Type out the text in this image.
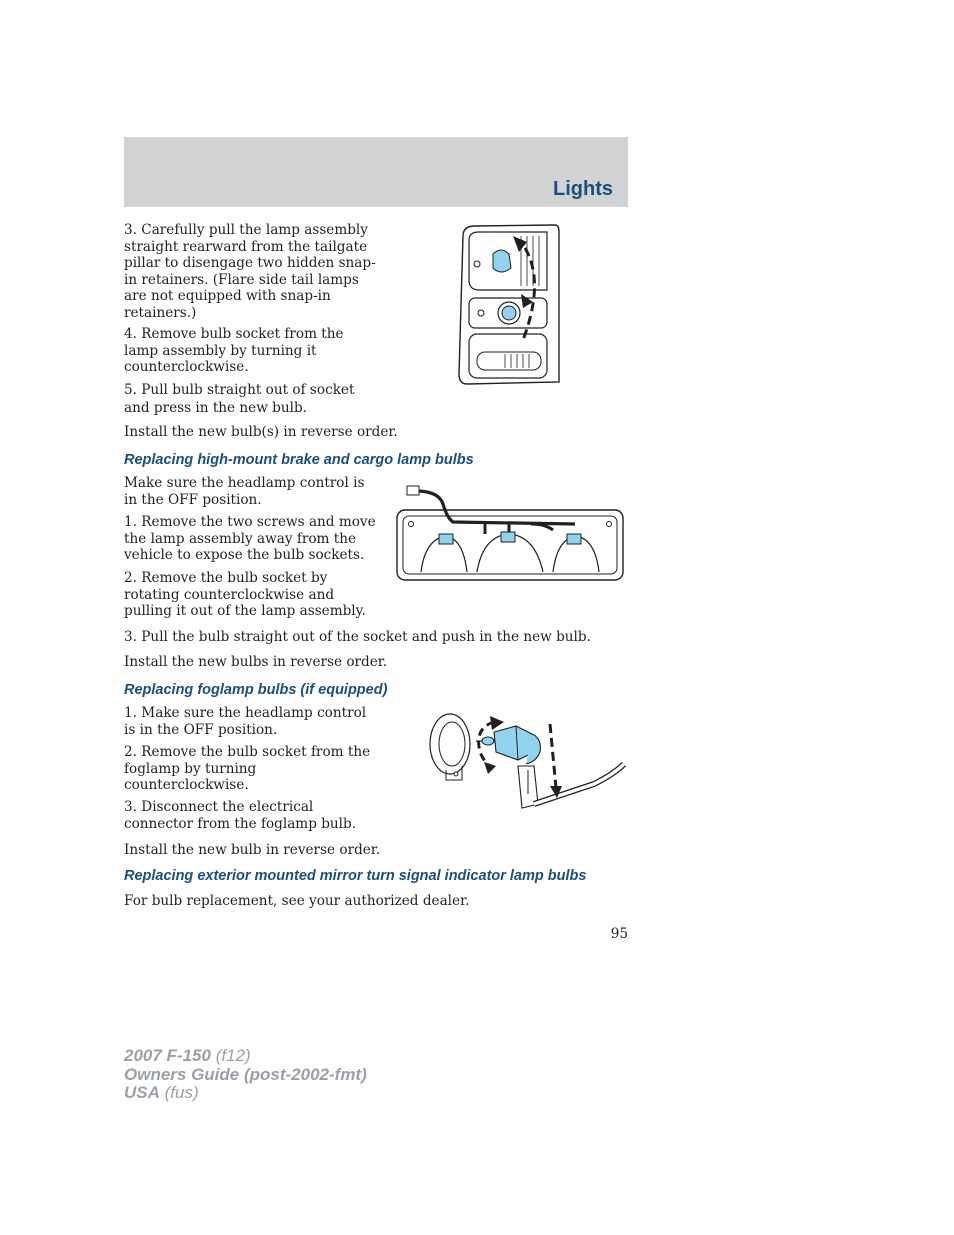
Lights

3. Carefully pull the lamp assembly straight rearward from the tailgate pillar to disengage two hidden snap-in retainers. (Flare side tail lamps are not equipped with snap-in retainers.)

4. Remove bulb socket from the lamp assembly by turning it counterclockwise.

5. Pull bulb straight out of socket and press in the new bulb.

Install the new bulb(s) in reverse order.

Replacing high-mount brake and cargo lamp bulbs

Make sure the headlamp control is in the OFF position.

1. Remove the two screws and move the lamp assembly away from the vehicle to expose the bulb sockets.

2. Remove the bulb socket by rotating counterclockwise and pulling it out of the lamp assembly.

3. Pull the bulb straight out of the socket and push in the new bulb.

Install the new bulbs in reverse order.

Replacing foglamp bulbs (if equipped)

1. Make sure the headlamp control is in the OFF position.

2. Remove the bulb socket from the foglamp by turning counterclockwise.

3. Disconnect the electrical connector from the foglamp bulb.

Install the new bulb in reverse order.

Replacing exterior mounted mirror turn signal indicator lamp bulbs

For bulb replacement, see your authorized dealer.

95
2007 F-150 (f12)
Owners Guide (post-2002-fmt)
USA (fus)
